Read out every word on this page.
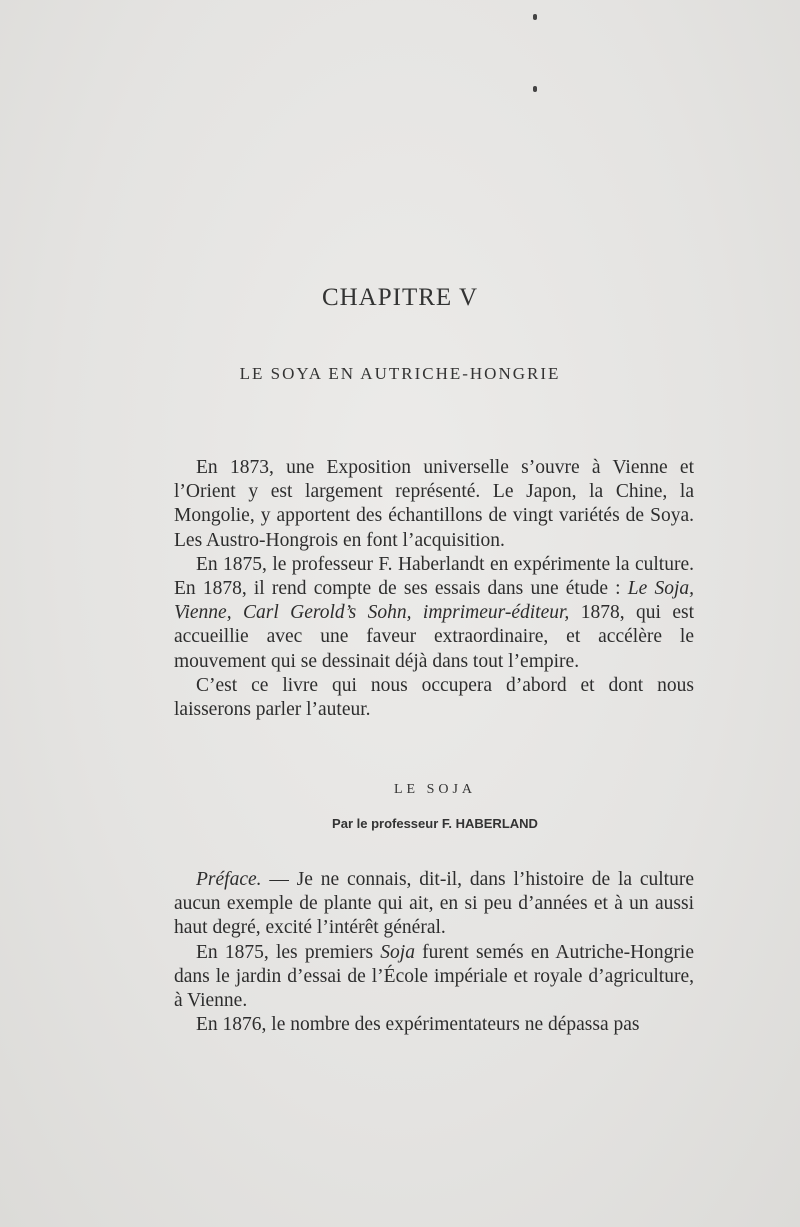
CHAPITRE V
LE SOYA EN AUTRICHE-HONGRIE

En 1873, une Exposition universelle s’ouvre à Vienne et l’Orient y est largement représenté. Le Japon, la Chine, la Mongolie, y apportent des échantillons de vingt variétés de Soya. Les Austro-Hongrois en font l’acquisition.

En 1875, le professeur F. Haberlandt en expérimente la culture. En 1878, il rend compte de ses essais dans une étude : Le Soja, Vienne, Carl Gerold’s Sohn, imprimeur-éditeur, 1878, qui est accueillie avec une faveur extraordinaire, et accélère le mouvement qui se dessinait déjà dans tout l’empire.

C’est ce livre qui nous occupera d’abord et dont nous laisserons parler l’auteur.

LE SOJA
Par le professeur F. HABERLAND

Préface. — Je ne connais, dit-il, dans l’histoire de la culture aucun exemple de plante qui ait, en si peu d’années et à un aussi haut degré, excité l’intérêt général.

En 1875, les premiers Soja furent semés en Autriche-Hongrie dans le jardin d’essai de l’École impériale et royale d’agriculture, à Vienne.

En 1876, le nombre des expérimentateurs ne dépassa pas
